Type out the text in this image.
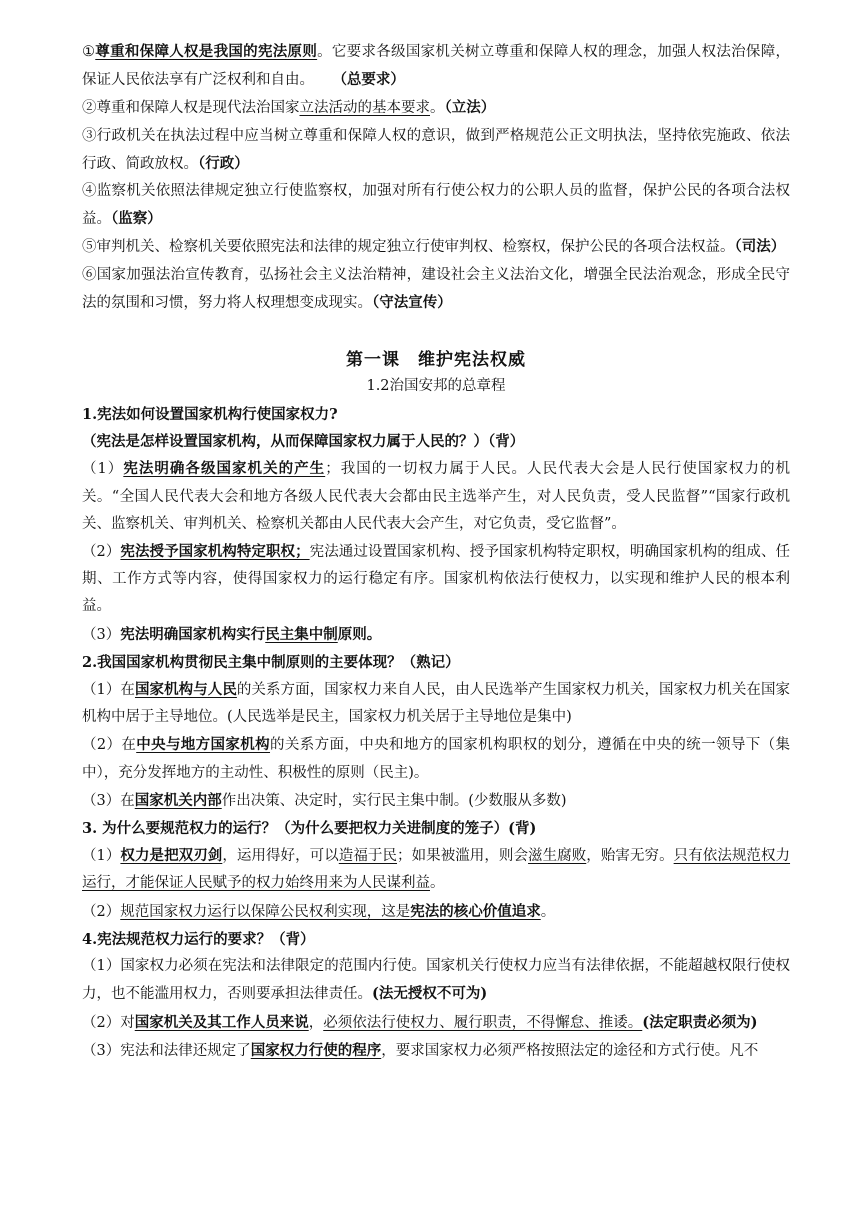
①尊重和保障人权是我国的宪法原则。它要求各级国家机关树立尊重和保障人权的理念，加强人权法治保障，保证人民依法享有广泛权利和自由。 （总要求）

②尊重和保障人权是现代法治国家立法活动的基本要求。（立法）

③行政机关在执法过程中应当树立尊重和保障人权的意识，做到严格规范公正文明执法，坚持依宪施政、依法行政、简政放权。（行政）

④监察机关依照法律规定独立行使监察权，加强对所有行使公权力的公职人员的监督，保护公民的各项合法权益。（监察）

⑤审判机关、检察机关要依照宪法和法律的规定独立行使审判权、检察权，保护公民的各项合法权益。（司法）

⑥国家加强法治宣传教育，弘扬社会主义法治精神，建设社会主义法治文化，增强全民法治观念，形成全民守法的氛围和习惯，努力将人权理想变成现实。（守法宣传）

第一课　维护宪法权威
1.2治国安邦的总章程

1.宪法如何设置国家机构行使国家权力?

（宪法是怎样设置国家机构，从而保障国家权力属于人民的？）（背）

（1）宪法明确各级国家机关的产生；我国的一切权力属于人民。人民代表大会是人民行使国家权力的机关。“全国人民代表大会和地方各级人民代表大会都由民主选举产生，对人民负责，受人民监督”“国家行政机关、监察机关、审判机关、检察机关都由人民代表大会产生，对它负责，受它监督”。

（2）宪法授予国家机构特定职权；宪法通过设置国家机构、授予国家机构特定职权，明确国家机构的组成、任期、工作方式等内容，使得国家权力的运行稳定有序。国家机构依法行使权力，以实现和维护人民的根本利益。

（3）宪法明确国家机构实行民主集中制原则。

2.我国国家机构贯彻民主集中制原则的主要体现？（熟记）

（1）在国家机构与人民的关系方面，国家权力来自人民，由人民选举产生国家权力机关，国家权力机关在国家机构中居于主导地位。(人民选举是民主，国家权力机关居于主导地位是集中)

（2）在中央与地方国家机构的关系方面，中央和地方的国家机构职权的划分，遵循在中央的统一领导下（集中），充分发挥地方的主动性、积极性的原则（民主)。

（3）在国家机关内部作出决策、决定时，实行民主集中制。(少数服从多数)

3. 为什么要规范权力的运行？（为什么要把权力关进制度的笼子）(背)

（1）权力是把双刃剑，运用得好，可以造福于民；如果被滥用，则会滋生腐败，贻害无穷。只有依法规范权力运行，才能保证人民赋予的权力始终用来为人民谋利益。

（2）规范国家权力运行以保障公民权利实现，这是宪法的核心价值追求。

4.宪法规范权力运行的要求？（背）

（1）国家权力必须在宪法和法律限定的范围内行使。国家机关行使权力应当有法律依据，不能超越权限行使权力，也不能滥用权力，否则要承担法律责任。(法无授权不可为)

（2）对国家机关及其工作人员来说，必须依法行使权力、履行职责，不得懈怠、推诿。(法定职责必须为)

（3）宪法和法律还规定了国家权力行使的程序，要求国家权力必须严格按照法定的途径和方式行使。凡不
